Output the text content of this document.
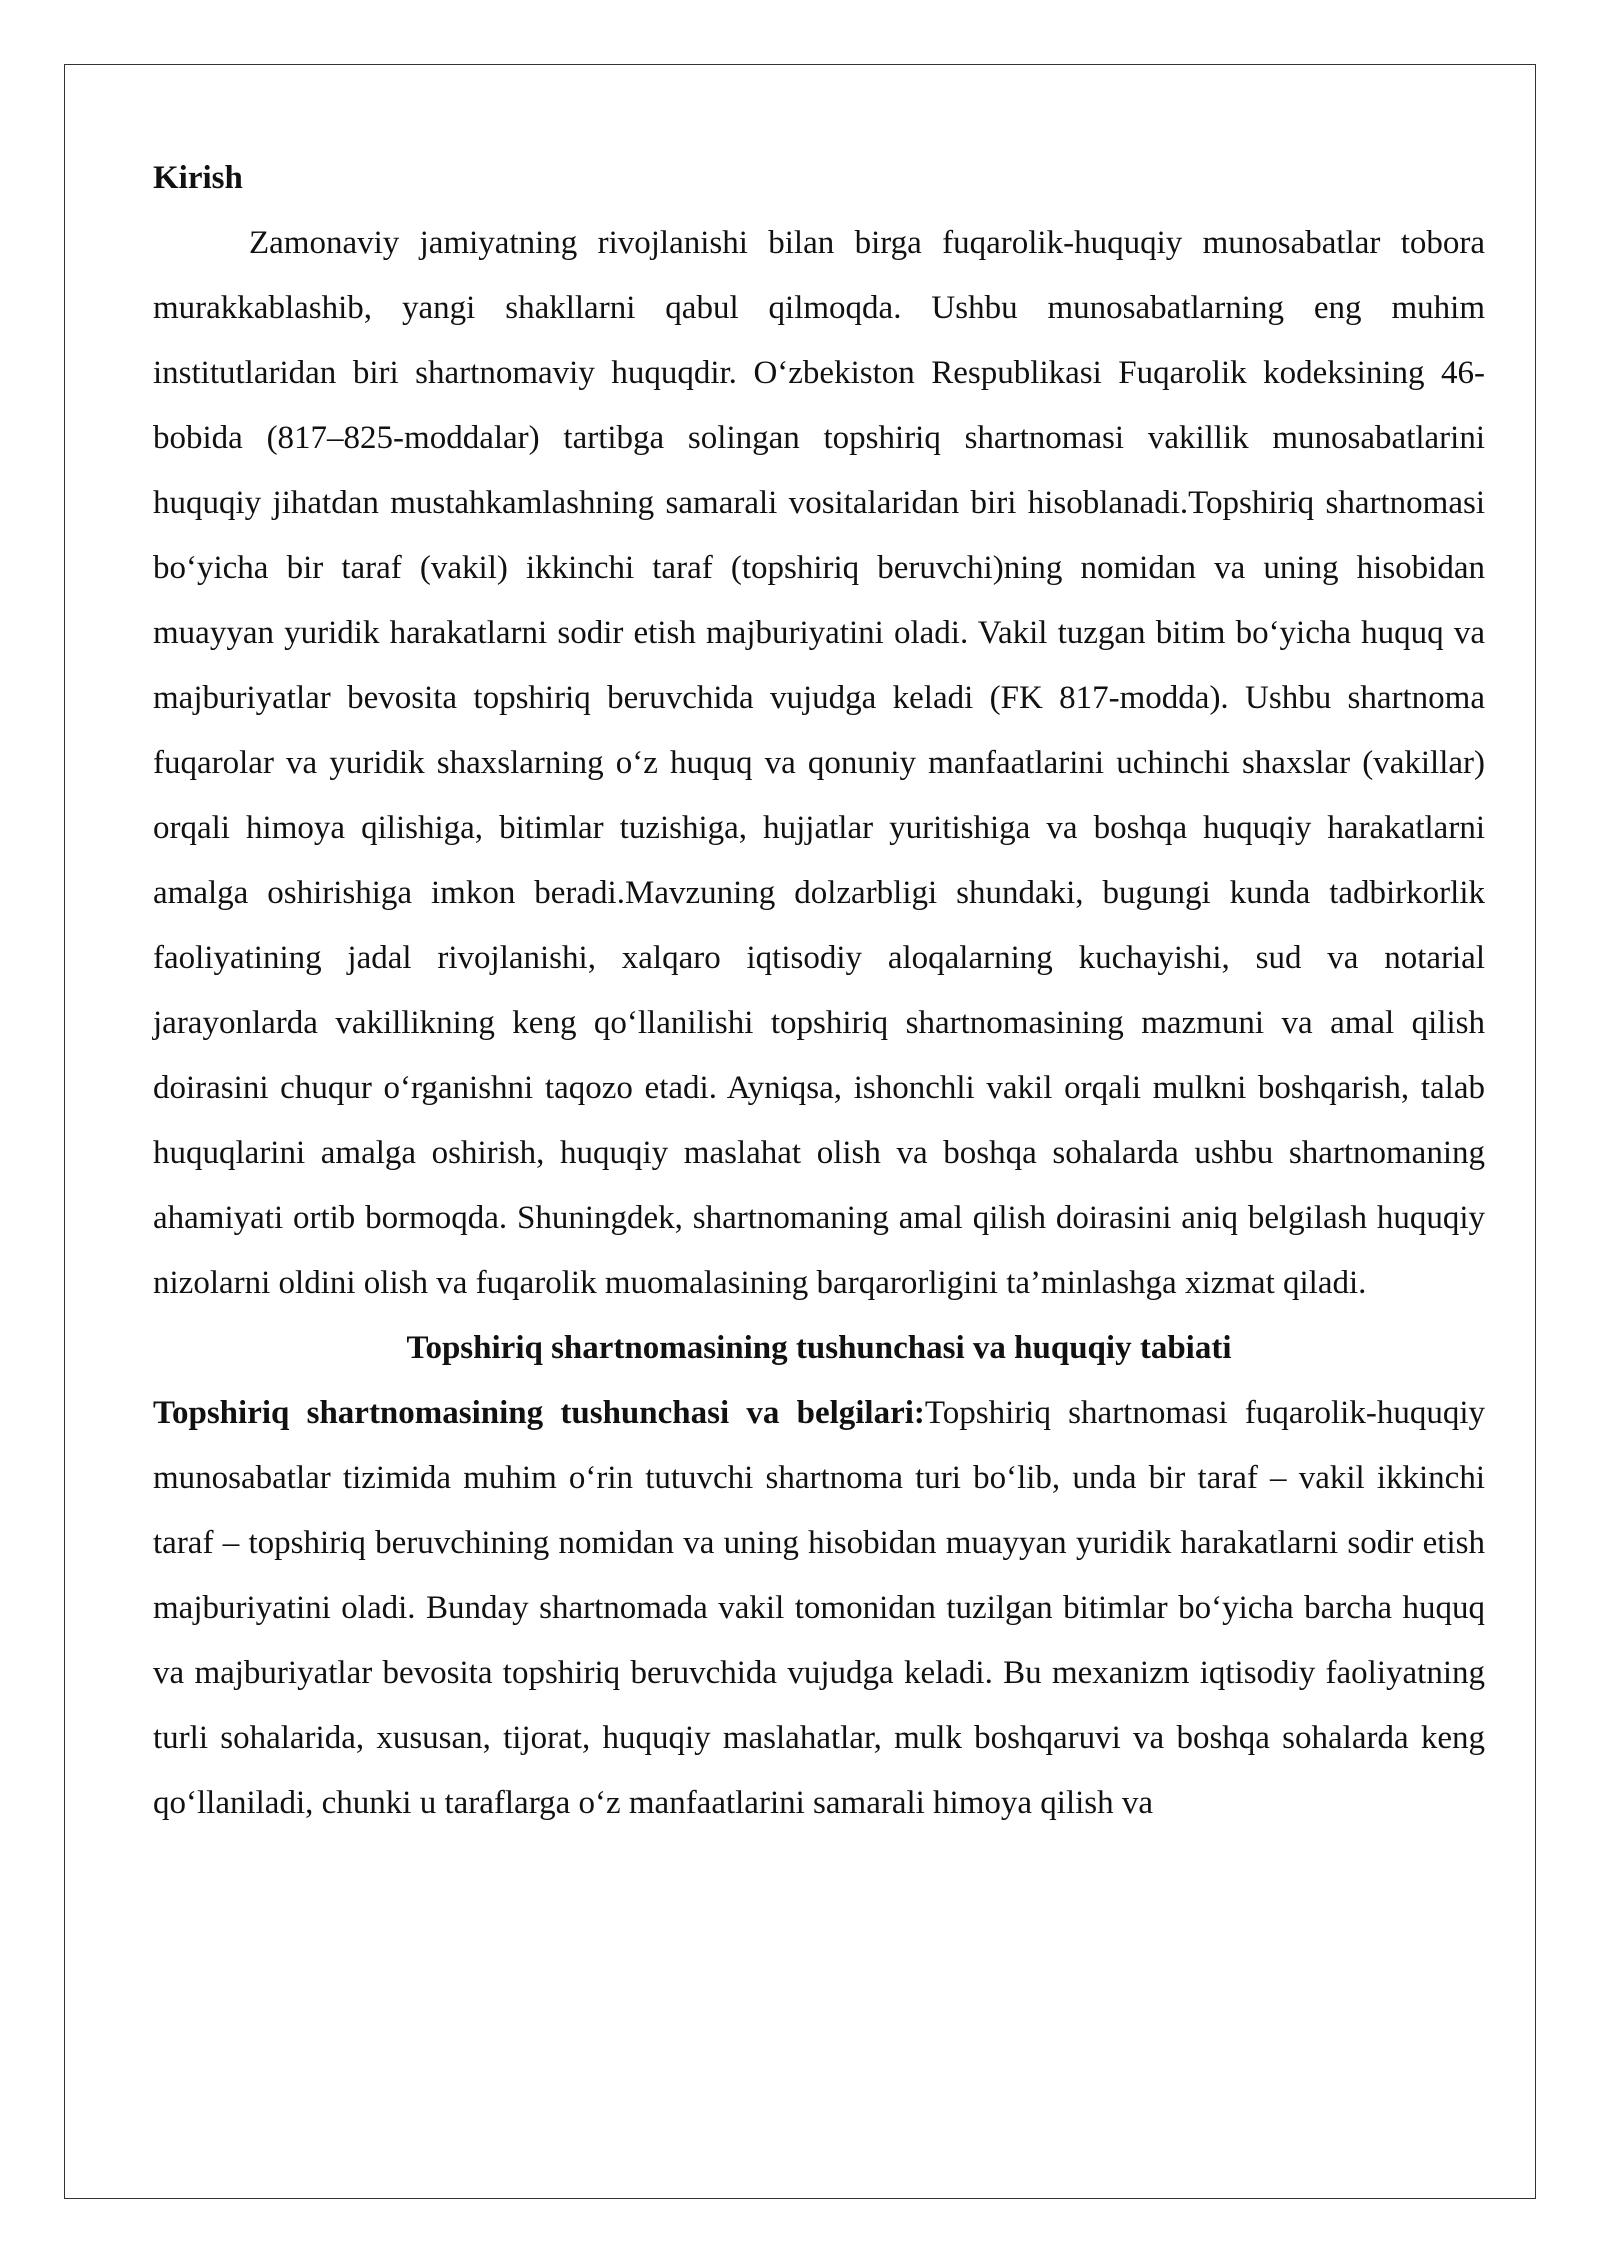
Kirish

Zamonaviy jamiyatning rivojlanishi bilan birga fuqarolik-huquqiy munosabatlar tobora murakkablashib, yangi shakllarni qabul qilmoqda. Ushbu munosabatlarning eng muhim institutlaridan biri shartnomaviy huquqdir. O‘zbekiston Respublikasi Fuqarolik kodeksining 46-bobida (817–825-moddalar) tartibga solingan topshiriq shartnomasi vakillik munosabatlarini huquqiy jihatdan mustahkamlashning samarali vositalaridan biri hisoblanadi.Topshiriq shartnomasi bo‘yicha bir taraf (vakil) ikkinchi taraf (topshiriq beruvchi)ning nomidan va uning hisobidan muayyan yuridik harakatlarni sodir etish majburiyatini oladi. Vakil tuzgan bitim bo‘yicha huquq va majburiyatlar bevosita topshiriq beruvchida vujudga keladi (FK 817-modda). Ushbu shartnoma fuqarolar va yuridik shaxslarning o‘z huquq va qonuniy manfaatlarini uchinchi shaxslar (vakillar) orqali himoya qilishiga, bitimlar tuzishiga, hujjatlar yuritishiga va boshqa huquqiy harakatlarni amalga oshirishiga imkon beradi.Mavzuning dolzarbligi shundaki, bugungi kunda tadbirkorlik faoliyatining jadal rivojlanishi, xalqaro iqtisodiy aloqalarning kuchayishi, sud va notarial jarayonlarda vakillikning keng qo‘llanilishi topshiriq shartnomasining mazmuni va amal qilish doirasini chuqur o‘rganishni taqozo etadi. Ayniqsa, ishonchli vakil orqali mulkni boshqarish, talab huquqlarini amalga oshirish, huquqiy maslahat olish va boshqa sohalarda ushbu shartnomaning ahamiyati ortib bormoqda. Shuningdek, shartnomaning amal qilish doirasini aniq belgilash huquqiy nizolarni oldini olish va fuqarolik muomalasining barqarorligini ta’minlashga xizmat qiladi.

Topshiriq shartnomasining tushunchasi va huquqiy tabiati

Topshiriq shartnomasining tushunchasi va belgilari:Topshiriq shartnomasi fuqarolik-huquqiy munosabatlar tizimida muhim o‘rin tutuvchi shartnoma turi bo‘lib, unda bir taraf – vakil ikkinchi taraf – topshiriq beruvchining nomidan va uning hisobidan muayyan yuridik harakatlarni sodir etish majburiyatini oladi. Bunday shartnomada vakil tomonidan tuzilgan bitimlar bo‘yicha barcha huquq va majburiyatlar bevosita topshiriq beruvchida vujudga keladi. Bu mexanizm iqtisodiy faoliyatning turli sohalarida, xususan, tijorat, huquqiy maslahatlar, mulk boshqaruvi va boshqa sohalarda keng qo‘llaniladi, chunki u taraflarga o‘z manfaatlarini samarali himoya qilish va
